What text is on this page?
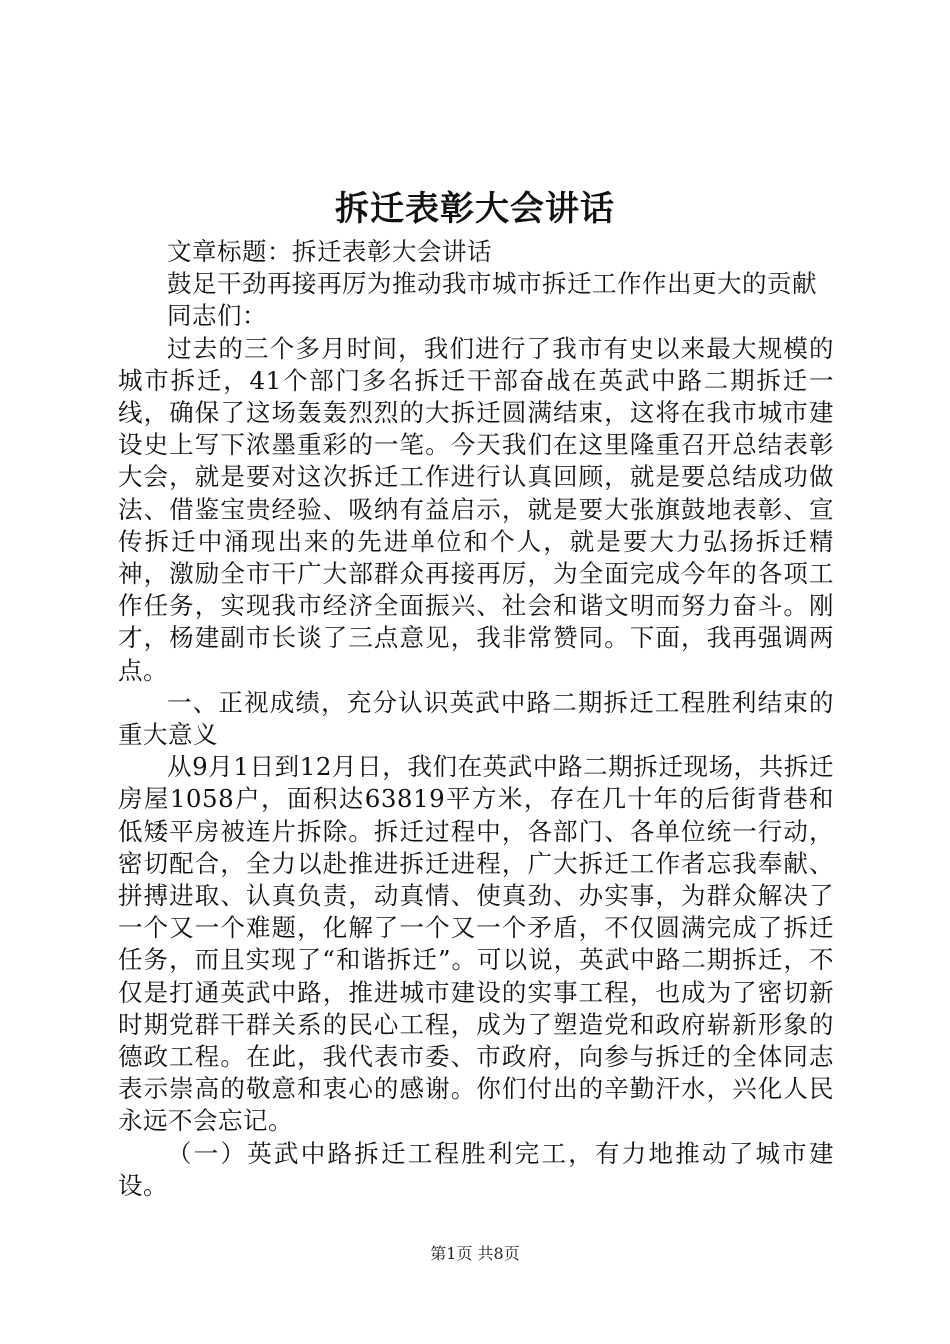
拆迁表彰大会讲话

文章标题：拆迁表彰大会讲话

鼓足干劲再接再厉为推动我市城市拆迁工作作出更大的贡献

同志们：

过去的三个多月时间，我们进行了我市有史以来最大规模的城市拆迁，41个部门多名拆迁干部奋战在英武中路二期拆迁一线，确保了这场轰轰烈烈的大拆迁圆满结束，这将在我市城市建设史上写下浓墨重彩的一笔。今天我们在这里隆重召开总结表彰大会，就是要对这次拆迁工作进行认真回顾，就是要总结成功做法、借鉴宝贵经验、吸纳有益启示，就是要大张旗鼓地表彰、宣传拆迁中涌现出来的先进单位和个人，就是要大力弘扬拆迁精神，激励全市干广大部群众再接再厉，为全面完成今年的各项工作任务，实现我市经济全面振兴、社会和谐文明而努力奋斗。刚才，杨建副市长谈了三点意见，我非常赞同。下面，我再强调两点。

一、正视成绩，充分认识英武中路二期拆迁工程胜利结束的重大意义

从9月1日到12月日，我们在英武中路二期拆迁现场，共拆迁房屋1058户，面积达63819平方米，存在几十年的后街背巷和低矮平房被连片拆除。拆迁过程中，各部门、各单位统一行动，密切配合，全力以赴推进拆迁进程，广大拆迁工作者忘我奉献、拼搏进取、认真负责，动真情、使真劲、办实事，为群众解决了一个又一个难题，化解了一个又一个矛盾，不仅圆满完成了拆迁任务，而且实现了“和谐拆迁”。可以说，英武中路二期拆迁，不仅是打通英武中路，推进城市建设的实事工程，也成为了密切新时期党群干群关系的民心工程，成为了塑造党和政府崭新形象的德政工程。在此，我代表市委、市政府，向参与拆迁的全体同志表示崇高的敬意和衷心的感谢。你们付出的辛勤汗水，兴化人民永远不会忘记。

（一）英武中路拆迁工程胜利完工，有力地推动了城市建设。

第1页 共8页
